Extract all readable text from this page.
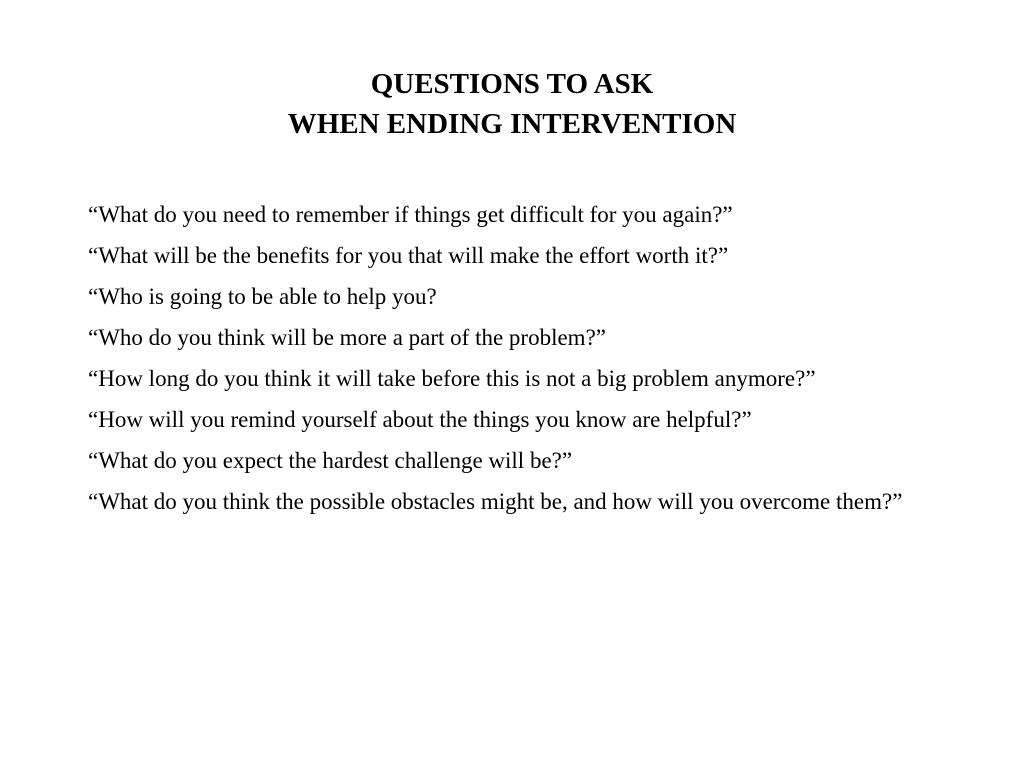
QUESTIONS TO ASK
WHEN ENDING INTERVENTION
“What do you need to remember if things get difficult for you again?”
“What will be the benefits for you that will make the effort worth it?”
“Who is going to be able to help you?
“Who do you think will be more a part of the problem?”
“How long do you think it will take before this is not a big problem anymore?”
“How will you remind yourself about the things you know are helpful?”
“What do you expect the hardest challenge will be?”
“What do you think the possible obstacles might be, and how will you overcome them?”
